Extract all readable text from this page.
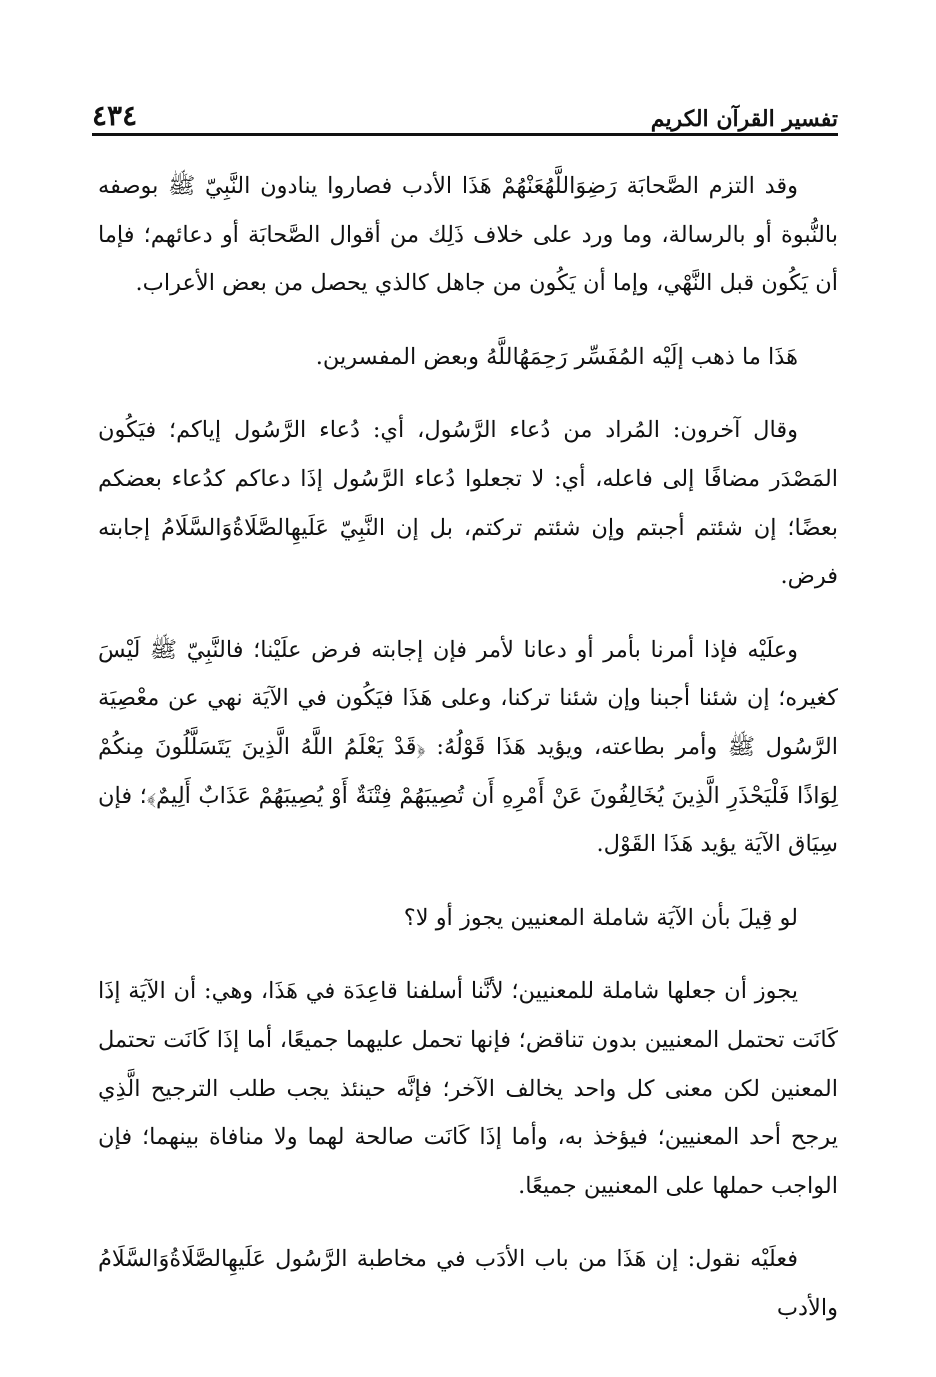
٤٣٤	تفسير القرآن الكريم

وقد التزم الصَّحابَة رَضِوَاللَّهُعَنْهُمْ هَذَا الأدب فصاروا ينادون النَّبِيّ ﷺ بوصفه بالنُّبوة أو بالرسالة، وما ورد على خلاف ذَلِك من أقوال الصَّحابَة أو دعائهم؛ فإما أن يَكُون قبل النَّهْي، وإما أن يَكُون من جاهل كالذي يحصل من بعض الأعراب.

هَذَا ما ذهب إلَيْه المُفَسِّر رَحِمَهُاللَّهُ وبعض المفسرين.

وقال آخرون: المُراد من دُعاء الرَّسُول، أي: دُعاء الرَّسُول إياكم؛ فيَكُون المَصْدَر مضافًا إلى فاعله، أي: لا تجعلوا دُعاء الرَّسُول إذَا دعاكم كدُعاء بعضكم بعضًا؛ إن شئتم أجبتم وإن شئتم تركتم، بل إن النَّبِيّ عَلَيهِالصَّلَاةُوَالسَّلَامُ إجابته فرض.

وعلَيْه فإذا أمرنا بأمر أو دعانا لأمر فإن إجابته فرض علَيْنا؛ فالنَّبِيّ ﷺ لَيْسَ كغيره؛ إن شئنا أجبنا وإن شئنا تركنا، وعلى هَذَا فيَكُون في الآيَة نهي عن معْصِيَة الرَّسُول ﷺ وأمر بطاعته، ويؤيد هَذَا قَوْلُهُ: ﴿قَدْ يَعْلَمُ اللَّهُ الَّذِينَ يَتَسَلَّلُونَ مِنكُمْ لِوَاذًا فَلْيَحْذَرِ الَّذِينَ يُخَالِفُونَ عَنْ أَمْرِهِ أَن تُصِيبَهُمْ فِتْنَةٌ أَوْ يُصِيبَهُمْ عَذَابٌ أَلِيمٌ﴾؛ فإن سِيَاق الآيَة يؤيد هَذَا القَوْل.

لو قِيلَ بأن الآيَة شاملة المعنيين يجوز أو لا؟

يجوز أن جعلها شاملة للمعنيين؛ لأنَّنا أسلفنا قاعِدَة في هَذَا، وهي: أن الآيَة إذَا كَانَت تحتمل المعنيين بدون تناقض؛ فإنها تحمل عليهما جميعًا، أما إذَا كَانَت تحتمل المعنين لكن معنى كل واحد يخالف الآخر؛ فإنَّه حينئذ يجب طلب الترجيح الَّذِي يرجح أحد المعنيين؛ فيؤخذ به، وأما إذَا كَانَت صالحة لهما ولا منافاة بينهما؛ فإن الواجب حملها على المعنيين جميعًا.

فعلَيْه نقول: إن هَذَا من باب الأدَب في مخاطبة الرَّسُول عَلَيهِالصَّلَاةُوَالسَّلَامُ والأدب
